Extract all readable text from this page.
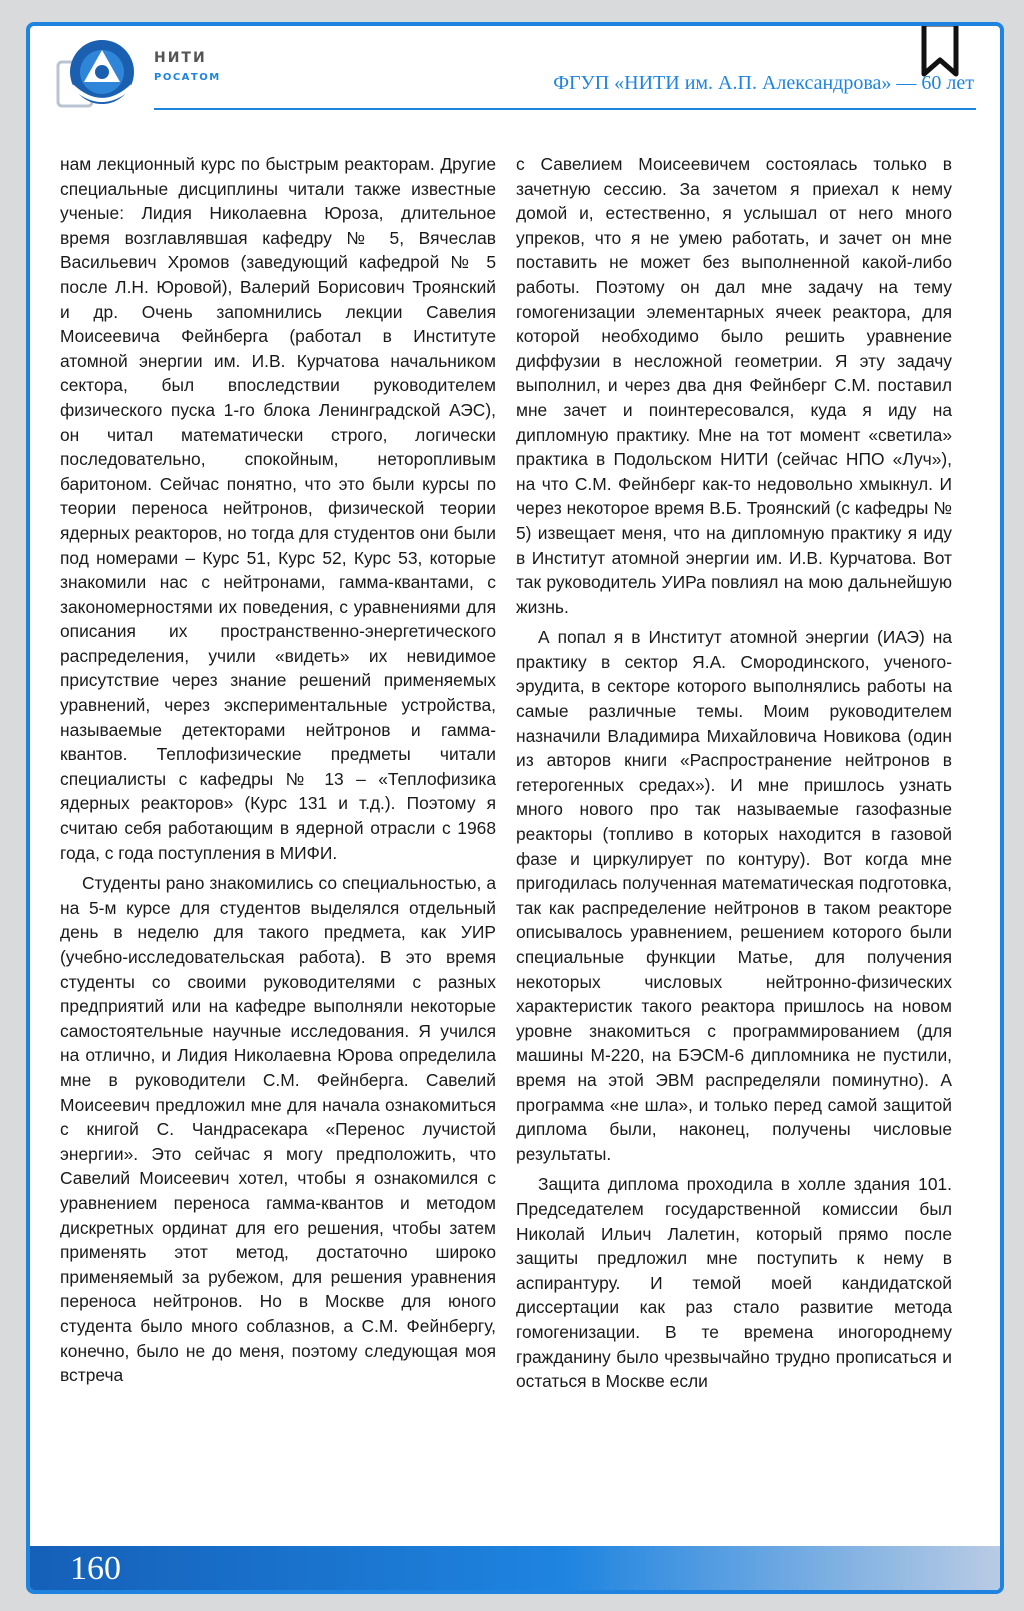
НИТИ
РОСАТОМ	ФГУП «НИТИ им. А.П. Александрова» — 60 лет

нам лекционный курс по быстрым реакторам. Другие специальные дисциплины читали также известные ученые: Лидия Николаевна Юроза, длительное время возглавлявшая кафедру № 5, Вячеслав Васильевич Хромов (заведующий кафедрой № 5 после Л.Н. Юровой), Валерий Борисович Троянский и др. Очень запомнились лекции Савелия Моисеевича Фейнберга (работал в Институте атомной энергии им. И.В. Курчатова начальником сектора, был впоследствии руководителем физического пуска 1-го блока Ленинградской АЭС), он читал математически строго, логически последовательно, спокойным, неторопливым баритоном. Сейчас понятно, что это были курсы по теории переноса нейтронов, физической теории ядерных реакторов, но тогда для студентов они были под номерами – Курс 51, Курс 52, Курс 53, которые знакомили нас с нейтронами, гамма-квантами, с закономерностями их поведения, с уравнениями для описания их пространственно-энергетического распределения, учили «видеть» их невидимое присутствие через знание решений применяемых уравнений, через экспериментальные устройства, называемые детекторами нейтронов и гамма-квантов. Теплофизические предметы читали специалисты с кафедры № 13 – «Теплофизика ядерных реакторов» (Курс 131 и т.д.). Поэтому я считаю себя работающим в ядерной отрасли с 1968 года, с года поступления в МИФИ.

Студенты рано знакомились со специальностью, а на 5-м курсе для студентов выделялся отдельный день в неделю для такого предмета, как УИР (учебно-исследовательская работа). В это время студенты со своими руководителями с разных предприятий или на кафедре выполняли некоторые самостоятельные научные исследования. Я учился на отлично, и Лидия Николаевна Юрова определила мне в руководители С.М. Фейнберга. Савелий Моисеевич предложил мне для начала ознакомиться с книгой С. Чандрасекара «Перенос лучистой энергии». Это сейчас я могу предположить, что Савелий Моисеевич хотел, чтобы я ознакомился с уравнением переноса гамма-квантов и методом дискретных ординат для его решения, чтобы затем применять этот метод, достаточно широко применяемый за рубежом, для решения уравнения переноса нейтронов. Но в Москве для юного студента было много соблазнов, а С.М. Фейнбергу, конечно, было не до меня, поэтому следующая моя встреча

с Савелием Моисеевичем состоялась только в зачетную сессию. За зачетом я приехал к нему домой и, естественно, я услышал от него много упреков, что я не умею работать, и зачет он мне поставить не может без выполненной какой-либо работы. Поэтому он дал мне задачу на тему гомогенизации элементарных ячеек реактора, для которой необходимо было решить уравнение диффузии в несложной геометрии. Я эту задачу выполнил, и через два дня Фейнберг С.М. поставил мне зачет и поинтересовался, куда я иду на дипломную практику. Мне на тот момент «светила» практика в Подольском НИТИ (сейчас НПО «Луч»), на что С.М. Фейнберг как-то недовольно хмыкнул. И через некоторое время В.Б. Троянский (с кафедры № 5) извещает меня, что на дипломную практику я иду в Институт атомной энергии им. И.В. Курчатова. Вот так руководитель УИРа повлиял на мою дальнейшую жизнь.

А попал я в Институт атомной энергии (ИАЭ) на практику в сектор Я.А. Смородинского, ученого-эрудита, в секторе которого выполнялись работы на самые различные темы. Моим руководителем назначили Владимира Михайловича Новикова (один из авторов книги «Распространение нейтронов в гетерогенных средах»). И мне пришлось узнать много нового про так называемые газофазные реакторы (топливо в которых находится в газовой фазе и циркулирует по контуру). Вот когда мне пригодилась полученная математическая подготовка, так как распределение нейтронов в таком реакторе описывалось уравнением, решением которого были специальные функции Матье, для получения некоторых числовых нейтронно-физических характеристик такого реактора пришлось на новом уровне знакомиться с программированием (для машины М-220, на БЭСМ-6 дипломника не пустили, время на этой ЭВМ распределяли поминутно). А программа «не шла», и только перед самой защитой диплома были, наконец, получены числовые результаты.

Защита диплома проходила в холле здания 101. Председателем государственной комиссии был Николай Ильич Лалетин, который прямо после защиты предложил мне поступить к нему в аспирантуру. И темой моей кандидатской диссертации как раз стало развитие метода гомогенизации. В те времена иногороднему гражданину было чрезвычайно трудно прописаться и остаться в Москве если

160
